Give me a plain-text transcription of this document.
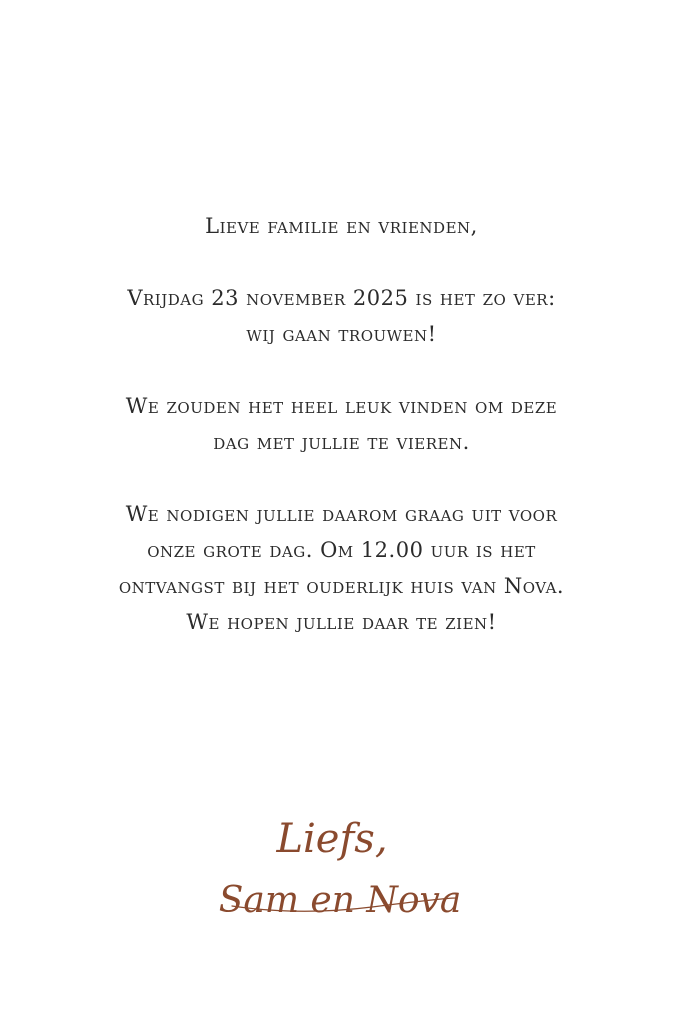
Lieve familie en vrienden,
Vrijdag 23 november 2025 is het zo ver:
wij gaan trouwen!
We zouden het heel leuk vinden om deze
dag met jullie te vieren.
We nodigen jullie daarom graag uit voor
onze grote dag. Om 12.00 uur is het
ontvangst bij het ouderlijk huis van Nova.
We hopen jullie daar te zien!
Liefs,
Sam en Nova
